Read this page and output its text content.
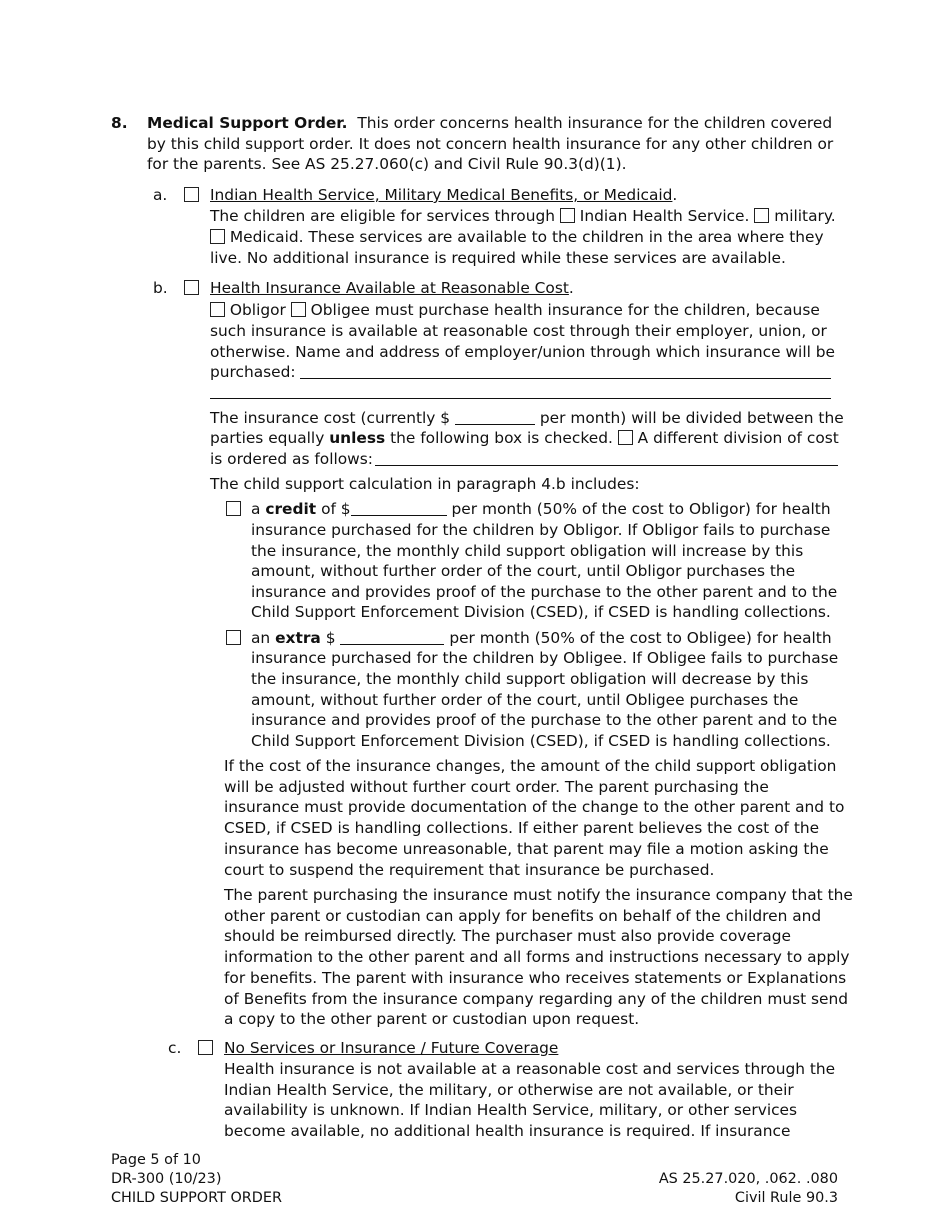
8. Medical Support Order. This order concerns health insurance for the children covered by this child support order. It does not concern health insurance for any other children or for the parents. See AS 25.27.060(c) and Civil Rule 90.3(d)(1).
a.	Indian Health Service, Military Medical Benefits, or Medicaid.
The children are eligible for services through Indian Health Service. military.
Medicaid. These services are available to the children in the area where they
live. No additional insurance is required while these services are available.
b.	Health Insurance Available at Reasonable Cost.
Obligor Obligee must purchase health insurance for the children, because
such insurance is available at reasonable cost through their employer, union, or
otherwise. Name and address of employer/union through which insurance will be
purchased:
The insurance cost (currently $	per month) will be divided between the
parties equally unless the following box is checked. A different division of cost
is ordered as follows:
The child support calculation in paragraph 4.b includes:
a credit of $	per month (50% of the cost to Obligor) for health
insurance purchased for the children by Obligor. If Obligor fails to purchase
the insurance, the monthly child support obligation will increase by this
amount, without further order of the court, until Obligor purchases the
insurance and provides proof of the purchase to the other parent and to the
Child Support Enforcement Division (CSED), if CSED is handling collections.
an extra $	per month (50% of the cost to Obligee) for health
insurance purchased for the children by Obligee. If Obligee fails to purchase
the insurance, the monthly child support obligation will decrease by this
amount, without further order of the court, until Obligee purchases the
insurance and provides proof of the purchase to the other parent and to the
Child Support Enforcement Division (CSED), if CSED is handling collections.

If the cost of the insurance changes, the amount of the child support obligation

will be adjusted without further court order. The parent purchasing the

insurance must provide documentation of the change to the other parent and to

CSED, if CSED is handling collections. If either parent believes the cost of the

insurance has become unreasonable, that parent may file a motion asking the

court to suspend the requirement that insurance be purchased.

The parent purchasing the insurance must notify the insurance company that the

other parent or custodian can apply for benefits on behalf of the children and

should be reimbursed directly. The purchaser must also provide coverage

information to the other parent and all forms and instructions necessary to apply

for benefits. The parent with insurance who receives statements or Explanations

of Benefits from the insurance company regarding any of the children must send

a copy to the other parent or custodian upon request.

c.	No Services or Insurance / Future Coverage

Health insurance is not available at a reasonable cost and services through the

Indian Health Service, the military, or otherwise are not available, or their

availability is unknown. If Indian Health Service, military, or other services

become available, no additional health insurance is required. If insurance

Page 5 of 10
DR-300 (10/23)
CHILD SUPPORT ORDER
AS 25.27.020, .062. .080
Civil Rule 90.3
